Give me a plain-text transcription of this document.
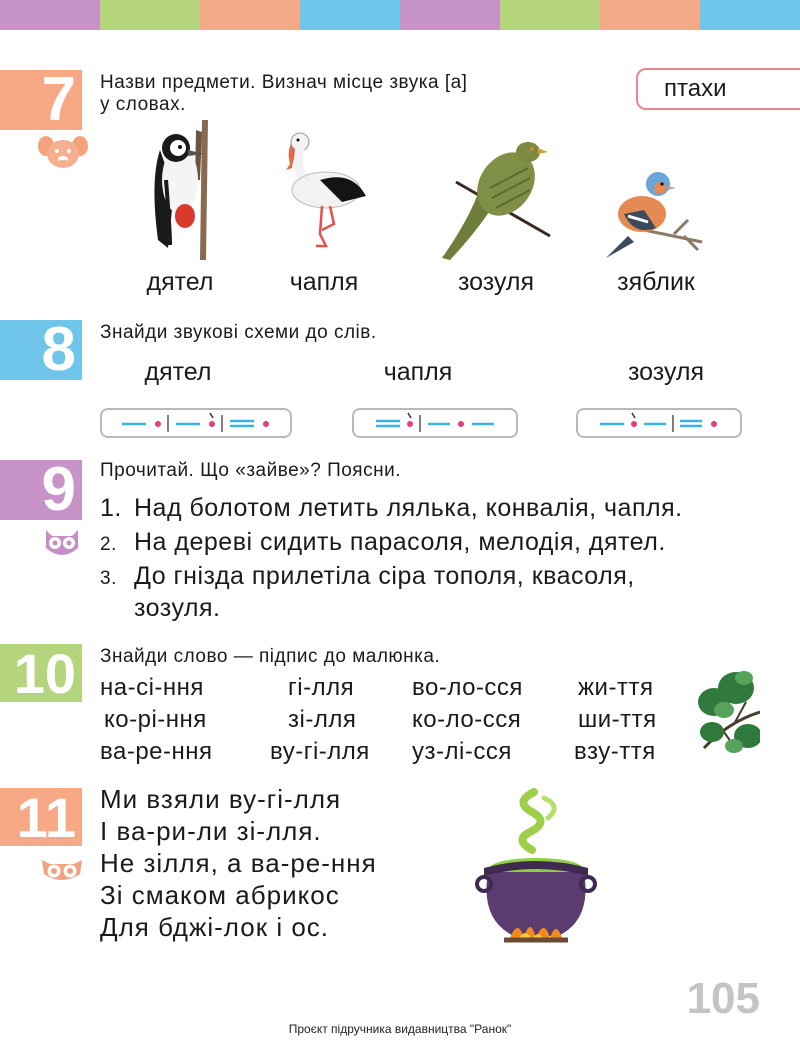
7	Назви предмети. Визнач місце звука [а]
у словах.
птахи
дятел	чапля	зозуля	зяблик
8	Знайди звукові схеми до слів.
дятел	чапля	зозуля
9	Прочитай. Що «зайве»? Поясни.
1. Над болотом летить лялька, конвалія, чапля.
2. На дереві сидить парасоля, мелодія, дятел.
3. До гнізда прилетіла сіра тополя, квасоля,
зозуля.
10	Знайди слово — підпис до малюнка.
на-сі-ння	гі-лля во-ло-сся жи-ття
ко-рі-ння	зі-лля ко-ло-сся ши-ття
ва-ре-ння ву-гі-лля уз-лі-сся	взу-ття
11 Ми взяли ву-гі-лля
І ва-ри-ли зі-лля.
Не зілля, а ва-ре-ння
Зі смаком абрикос
Для бджі-лок і ос.
105
Проєкт підручника видавництва "Ранок"
